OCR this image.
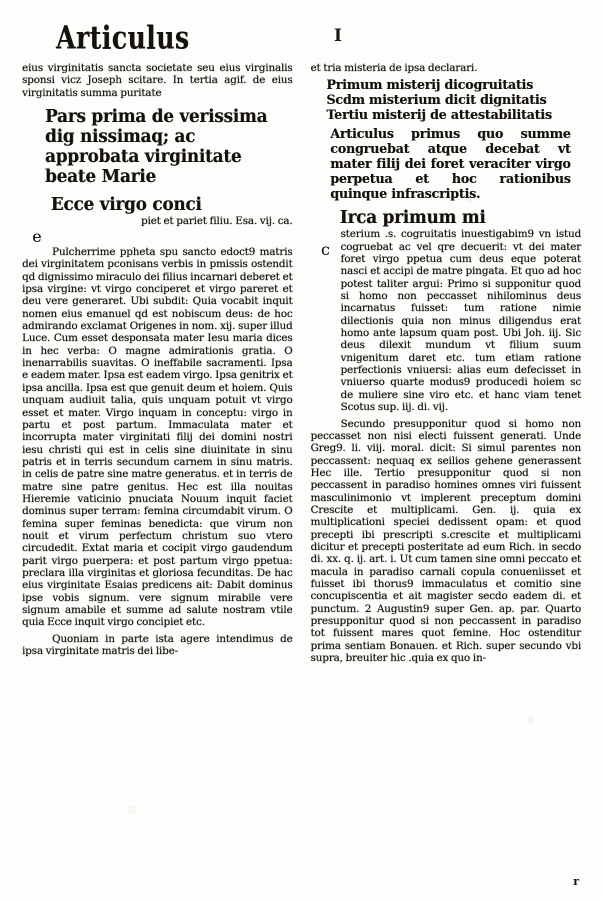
Articulus	I
eius virginitatis sancta societate seu eius virginalis sponsi vicz Joseph scitare. In tertia agif. de eius virginitatis summa puritate
Pars prima de verissima dig nissimaq; ac approbata virginitate beate Marie
Ecce virgo conci
e
piet et pariet filiu. Esa. vij. ca.
Pulcherrime ppheta spu sancto edoct9 matris dei virginitatem pconisans verbis in pmissis ostendit qd dignissimo miraculo dei filius incarnari deberet et ipsa virgine: vt virgo conciperet et virgo pareret et deu vere generaret. Ubi subdit: Quia vocabit inquit nomen eius emanuel qd est nobiscum deus: de hoc admirando exclamat Origenes in nom. xij. super illud Luce. Cum esset desponsata mater Iesu maria dices in hec verba: O magne admirationis gratia. O inenarrabilis suavitas. O ineffabile sacramenti. Ipsa e eadem mater. Ipsa est eadem virgo. Ipsa genitrix et ipsa ancilla. Ipsa est que genuit deum et hoiem. Quis unquam audiuit talia, quis unquam potuit vt virgo esset et mater. Virgo inquam in conceptu: virgo in partu et post partum. Immaculata mater et incorrupta mater virginitati filij dei domini nostri iesu christi qui est in celis sine diuinitate in sinu patris et in terris secundum carnem in sinu matris. in celis de patre sine matre generatus. et in terris de matre sine patre genitus. Hec est illa nouitas Hieremie vaticinio pnuciata Nouum inquit faciet dominus super terram: femina circumdabit virum. O femina super feminas benedicta: que virum non nouit et virum perfectum christum suo vtero circudedit. Extat maria et cocipit virgo gaudendum parit virgo puerpera: et post partum virgo ppetua: preclara illa virginitas et gloriosa fecunditas. De hac eius virginitate Esaias predicens ait: Dabit dominus ipse vobis signum. vere signum mirabile vere signum amabile et summe ad salute nostram vtile quia Ecce inquit virgo concipiet etc.
Quoniam in parte ista agere intendimus de ipsa virginitate matris dei libe-
et tria misteria de ipsa declarari.
Primum misterij dicogruitatis
Scdm misterium dicit dignitatis
Tertiu misterij de attestabilitatis
Articulus primus quo summe congruebat atque decebat vt mater filij dei foret veraciter virgo perpetua et hoc rationibus quinque infrascriptis.
Irca primum mi
c
sterium .s. cogruitatis inuestigabim9 vn istud cogruebat ac vel qre decuerit: vt dei mater foret virgo ppetua cum deus eque poterat nasci et accipi de matre pingata. Et quo ad hoc potest taliter argui: Primo si supponitur quod si homo non peccasset nihilominus deus incarnatus fuisset: tum ratione nimie dilectionis quia non minus diligendus erat homo ante lapsum quam post. Ubi Joh. iij. Sic deus dilexit mundum vt filium suum vnigenitum daret etc. tum etiam ratione perfectionis vniuersi: alias eum defecisset in vniuerso quarte modus9 producedi hoiem sc de muliere sine viro etc. et hanc viam tenet Scotus sup. iij. di. vij.
Secundo presupponitur quod si homo non peccasset non nisi electi fuissent generati. Unde Greg9. li. viij. moral. dicit: Si simul parentes non peccassent: nequaq ex seilios gehene generassent Hec ille. Tertio presupponitur quod si non peccassent in paradiso homines omnes viri fuissent masculinimonio vt implerent preceptum domini Crescite et multiplicami. Gen. ij. quia ex multiplicationi speciei dedissent opam: et quod precepti ibi prescripti s.crescite et multiplicami dicitur et precepti posteritate ad eum Rich. in secdo di. xx. q. ij. art. i. Ut cum tamen sine omni peccato et macula in paradiso carnali copula conueniisset et fuisset ibi thorus9 immaculatus et comitio sine concupiscentia et ait magister secdo eadem di. et punctum. 2 Augustin9 super Gen. ap. par. Quarto presupponitur quod si non peccassent in paradiso tot fuissent mares quot femine. Hoc ostenditur prima sentiam Bonauen. et Rich. super secundo vbi supra, breuiter hic .quia ex quo in-
r
